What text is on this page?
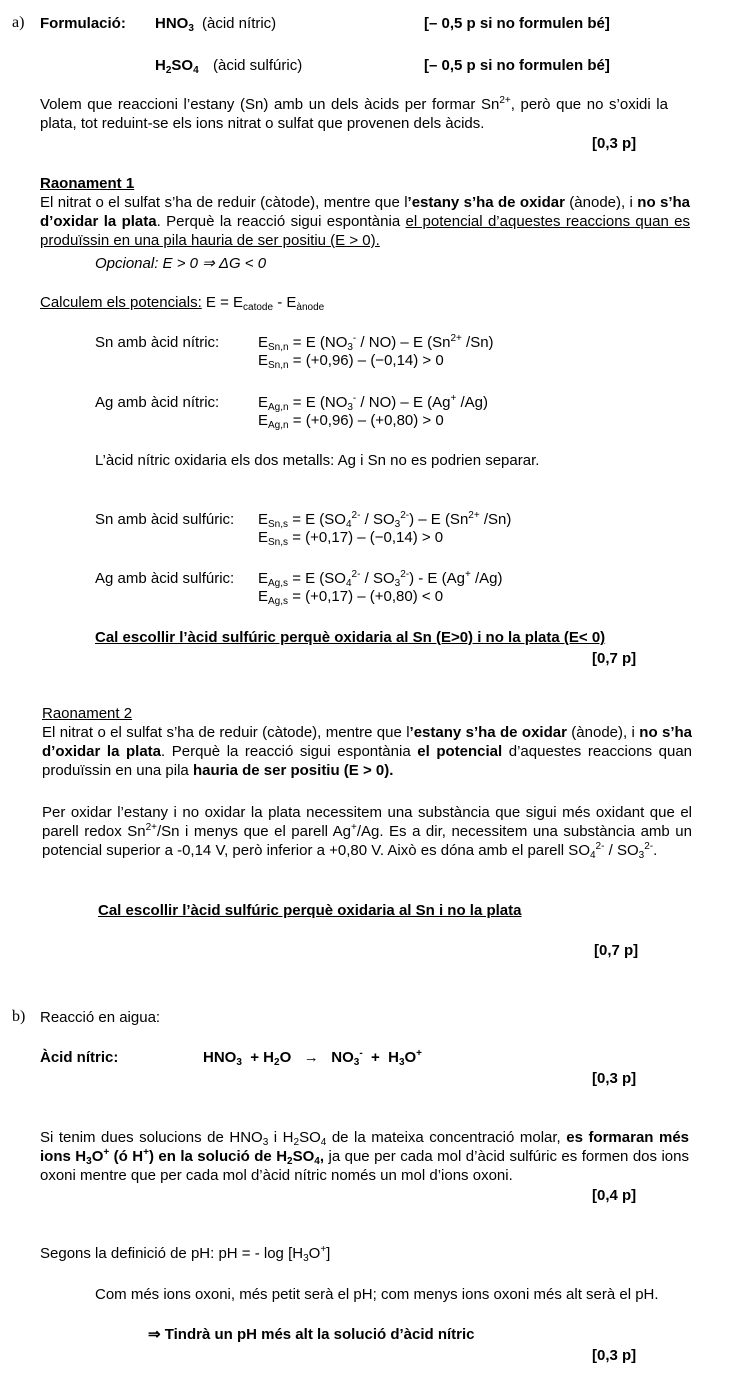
a) Formulació: $HNO_3$ (àcid nítric)	[– 0,5 p si no formulen bé]
$H_2SO_4$ (àcid sulfúric)	[– 0,5 p si no formulen bé]
Volem que reaccioni l’estany (Sn) amb un dels àcids per formar $Sn^{2+}$, però que no s’oxidi la plata, tot reduint-se els ions nitrat o sulfat que provenen dels àcids.
[0,3 p]
Raonament 1
El nitrat o el sulfat s’ha de reduir (càtode), mentre que l’estany s’ha de oxidar (ànode), i no s’ha d’oxidar la plata. Perquè la reacció sigui espontània el potencial d’aquestes reaccions quan es produïssin en una pila hauria de ser positiu (E > 0).
Opcional: E > 0 ⇒ ΔG < 0
Calculem els potencials: $E = E_{catode} - E_{ànode}$
Sn amb àcid nítric:	$E_{Sn,n} = E$ $(NO_3^- / NO)$ – E ($Sn^{2+}$ /Sn)
$E_{Sn,n} = (+0,96) - (-0,14) > 0$
Ag amb àcid nítric:	$E_{Ag,n} = E$ $(NO_3^- / NO)$ – E (Ag+ /Ag)
$E_{Ag,n} = (+0,96) - (+0,80) > 0$
L’àcid nítric oxidaria els dos metalls: Ag i Sn no es podrien separar.
Sn amb àcid sulfúric: $E_{Sn,s} = E$ $(SO_4^{2-} / SO_3^{2-})$ – E ($Sn^{2+}$ /Sn)
$E_{Sn,s} = (+0,17) - (-0,14) > 0$
Ag amb àcid sulfúric: $E_{Ag,s} = E$ $(SO_4^{2-} / SO_3^{2-})$ - E (Ag+ /Ag)
$E_{Ag,s} = (+0,17) - (+0,80) < 0$
Cal escollir l’àcid sulfúric perquè oxidaria al Sn (E>0) i no la plata (E< 0)
[0,7 p]
Raonament 2
El nitrat o el sulfat s’ha de reduir (càtode), mentre que l’estany s’ha de oxidar (ànode), i no s’ha d’oxidar la plata. Perquè la reacció sigui espontània el potencial d’aquestes reaccions quan produïssin en una pila hauria de ser positiu (E > 0).
Per oxidar l’estany i no oxidar la plata necessitem una substància que sigui més oxidant que el parell redox $Sn^{2+}/Sn$ i menys que el parell Ag+/Ag. Es a dir, necessitem una substància amb un potencial superior a -0,14 V, però inferior a +0,80 V. Això es dóna amb el parell $SO_4^{2-} / SO_3^{2-}$.
Cal escollir l’àcid sulfúric perquè oxidaria al Sn i no la plata
[0,7 p]
b) Reacció en aigua:
Àcid nítric:	$HNO_3 + H_2O \to NO_3^- + H_3O^+$
[0,3 p]
Si tenim dues solucions de $HNO_3$ i $H_2SO_4$ de la mateixa concentració molar, es formaran més ions $H_3O^+$ (ó H+) en la solució de $H_2SO_4$, ja que per cada mol d’àcid sulfúric es formen dos ions oxoni mentre que per cada mol d’àcid nítric només un mol d’ions oxoni.
[0,4 p]
Segons la definició de pH: pH = - $\log [H_3O^+]$
Com més ions oxoni, més petit serà el pH; com menys ions oxoni més alt serà el pH.
⇒ Tindrà un pH més alt la solució d’àcid nítric
[0,3 p]
